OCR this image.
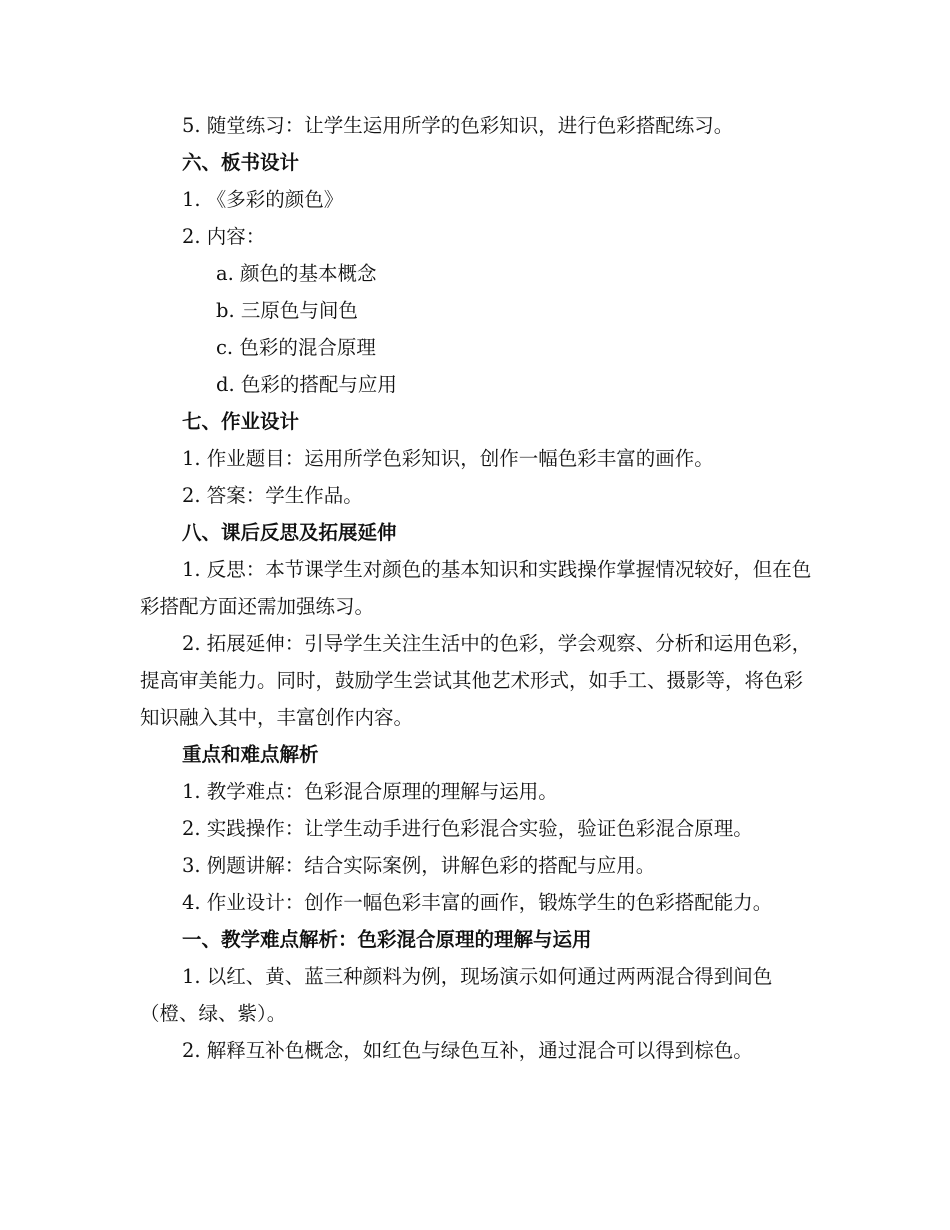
5. 随堂练习：让学生运用所学的色彩知识，进行色彩搭配练习。
六、板书设计
1. 《多彩的颜色》
2. 内容：
a. 颜色的基本概念
b. 三原色与间色
c. 色彩的混合原理
d. 色彩的搭配与应用
七、作业设计
1. 作业题目：运用所学色彩知识，创作一幅色彩丰富的画作。
2. 答案：学生作品。
八、课后反思及拓展延伸
1. 反思：本节课学生对颜色的基本知识和实践操作掌握情况较好，但在色彩搭配方面还需加强练习。
2. 拓展延伸：引导学生关注生活中的色彩，学会观察、分析和运用色彩，提高审美能力。同时，鼓励学生尝试其他艺术形式，如手工、摄影等，将色彩知识融入其中，丰富创作内容。
重点和难点解析
1. 教学难点：色彩混合原理的理解与运用。
2. 实践操作：让学生动手进行色彩混合实验，验证色彩混合原理。
3. 例题讲解：结合实际案例，讲解色彩的搭配与应用。
4. 作业设计：创作一幅色彩丰富的画作，锻炼学生的色彩搭配能力。
一、教学难点解析：色彩混合原理的理解与运用
1. 以红、黄、蓝三种颜料为例，现场演示如何通过两两混合得到间色（橙、绿、紫）。
2. 解释互补色概念，如红色与绿色互补，通过混合可以得到棕色。
